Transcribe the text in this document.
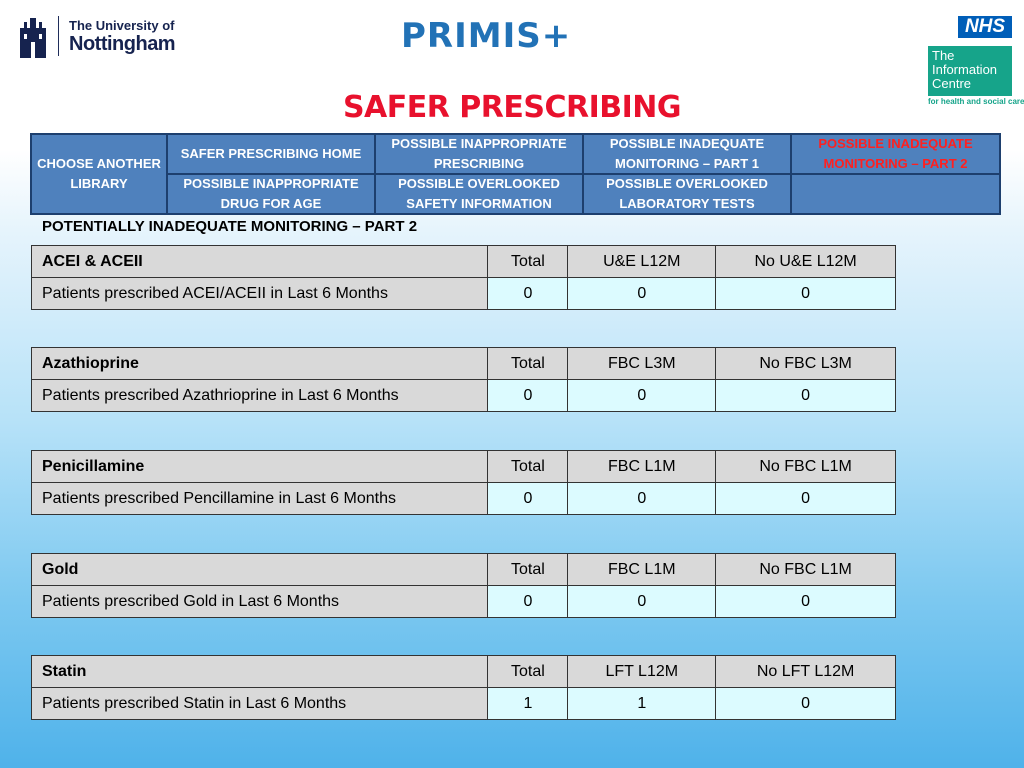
The University of
Nottingham	PRIMIS+	NHS
The
Information
Centre
for health and social care
SAFER PRESCRIBING
CHOOSE ANOTHER LIBRARY
SAFER PRESCRIBING HOME
POSSIBLE INAPPROPRIATE PRESCRIBING
POSSIBLE INADEQUATE MONITORING – PART 1
POSSIBLE INADEQUATE MONITORING – PART 2
POSSIBLE INAPPROPRIATE DRUG FOR AGE
POSSIBLE OVERLOOKED SAFETY INFORMATION
POSSIBLE OVERLOOKED LABORATORY TESTS
POTENTIALLY INADEQUATE MONITORING – PART 2
ACEI & ACEII	Total	U&E L12M	No U&E L12M
Patients prescribed ACEI/ACEII in Last 6 Months	0	0	0
Azathioprine	Total	FBC L3M	No FBC L3M
Patients prescribed Azathrioprine in Last 6 Months	0	0	0
Penicillamine	Total	FBC L1M	No FBC L1M
Patients prescribed Pencillamine in Last 6 Months	0	0	0
Gold	Total	FBC L1M	No FBC L1M
Patients prescribed Gold in Last 6 Months	0	0	0
Statin	Total	LFT L12M	No LFT L12M
Patients prescribed Statin in Last 6 Months	1	1	0
